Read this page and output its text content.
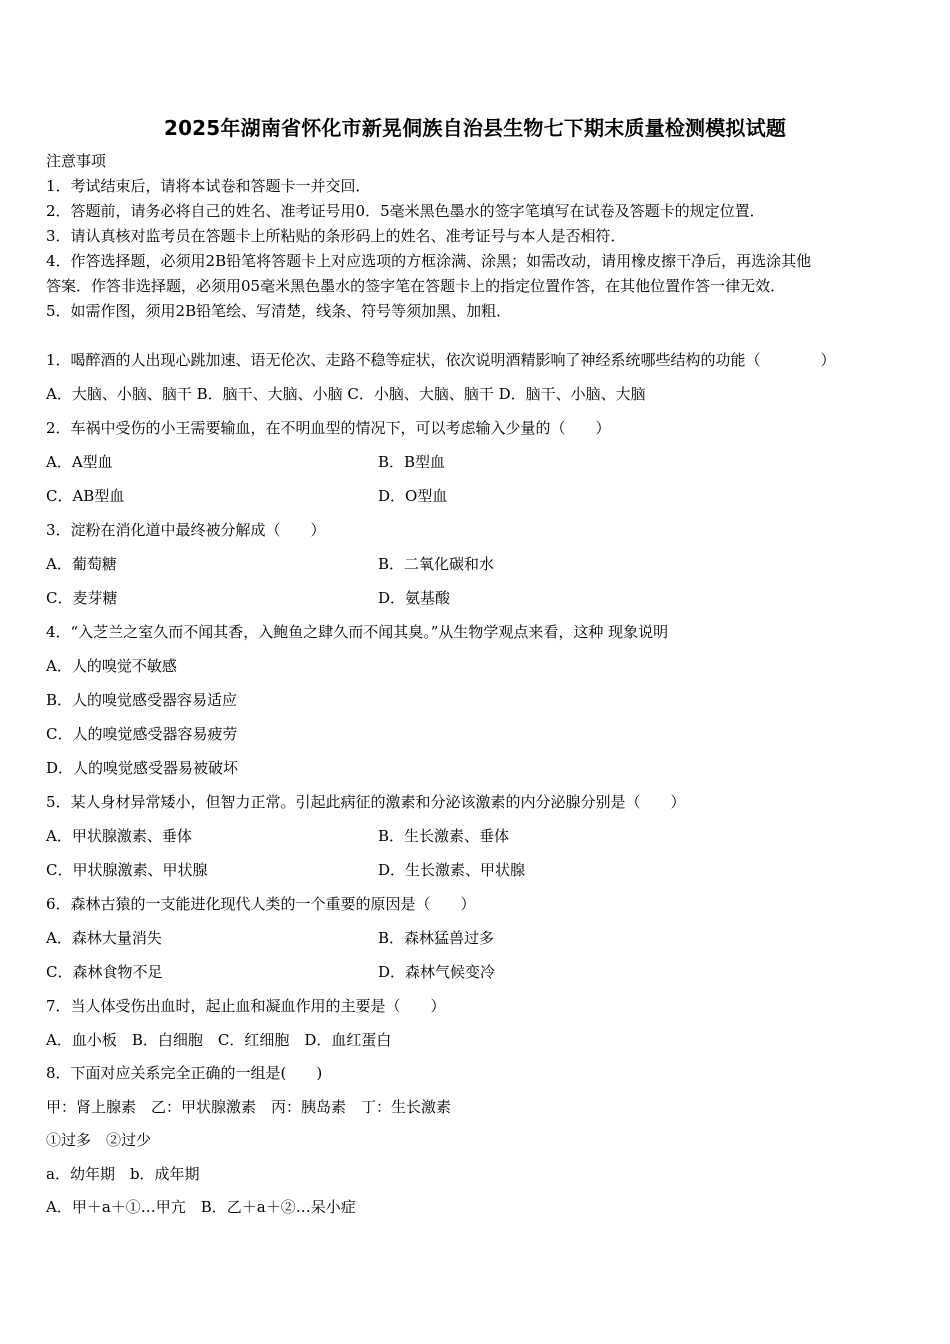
2025年湖南省怀化市新晃侗族自治县生物七下期末质量检测模拟试题
注意事项
1．考试结束后，请将本试卷和答题卡一并交回．
2．答题前，请务必将自己的姓名、准考证号用0．5毫米黑色墨水的签字笔填写在试卷及答题卡的规定位置．
3．请认真核对监考员在答题卡上所粘贴的条形码上的姓名、准考证号与本人是否相符．
4．作答选择题，必须用2B铅笔将答题卡上对应选项的方框涂满、涂黑；如需改动，请用橡皮擦干净后，再选涂其他
答案．作答非选择题，必须用05毫米黑色墨水的签字笔在答题卡上的指定位置作答，在其他位置作答一律无效．
5．如需作图，须用2B铅笔绘、写清楚，线条、符号等须加黑、加粗．
1．喝醉酒的人出现心跳加速、语无伦次、走路不稳等症状，依次说明酒精影响了神经系统哪些结构的功能（　　　　）
A．大脑、小脑、脑干 B．脑干、大脑、小脑 C．小脑、大脑、脑干 D．脑干、小脑、大脑
2．车祸中受伤的小王需要输血，在不明血型的情况下，可以考虑输入少量的（　　）
A．A型血	B．B型血
C．AB型血	D．O型血
3．淀粉在消化道中最终被分解成（　　）
A．葡萄糖	B．二氧化碳和水
C．麦芽糖	D．氨基酸
4．“入芝兰之室久而不闻其香，入鲍鱼之肆久而不闻其臭。”从生物学观点来看，这种 现象说明
A．人的嗅觉不敏感
B．人的嗅觉感受器容易适应
C．人的嗅觉感受器容易疲劳
D．人的嗅觉感受器易被破坏
5．某人身材异常矮小，但智力正常。引起此病征的激素和分泌该激素的内分泌腺分别是（　　）
A．甲状腺激素、垂体	B．生长激素、垂体
C．甲状腺激素、甲状腺	D．生长激素、甲状腺
6．森林古猿的一支能进化现代人类的一个重要的原因是（　　）
A．森林大量消失	B．森林猛兽过多
C．森林食物不足	D．森林气候变冷
7．当人体受伤出血时，起止血和凝血作用的主要是（　　）
A．血小板　B．白细胞　C．红细胞　D．血红蛋白
8．下面对应关系完全正确的一组是(　　)
甲：肾上腺素　乙：甲状腺激素　丙：胰岛素　丁：生长激素
①过多　②过少
a．幼年期　b．成年期
A．甲＋a＋①…甲亢　B．乙＋a＋②…呆小症
